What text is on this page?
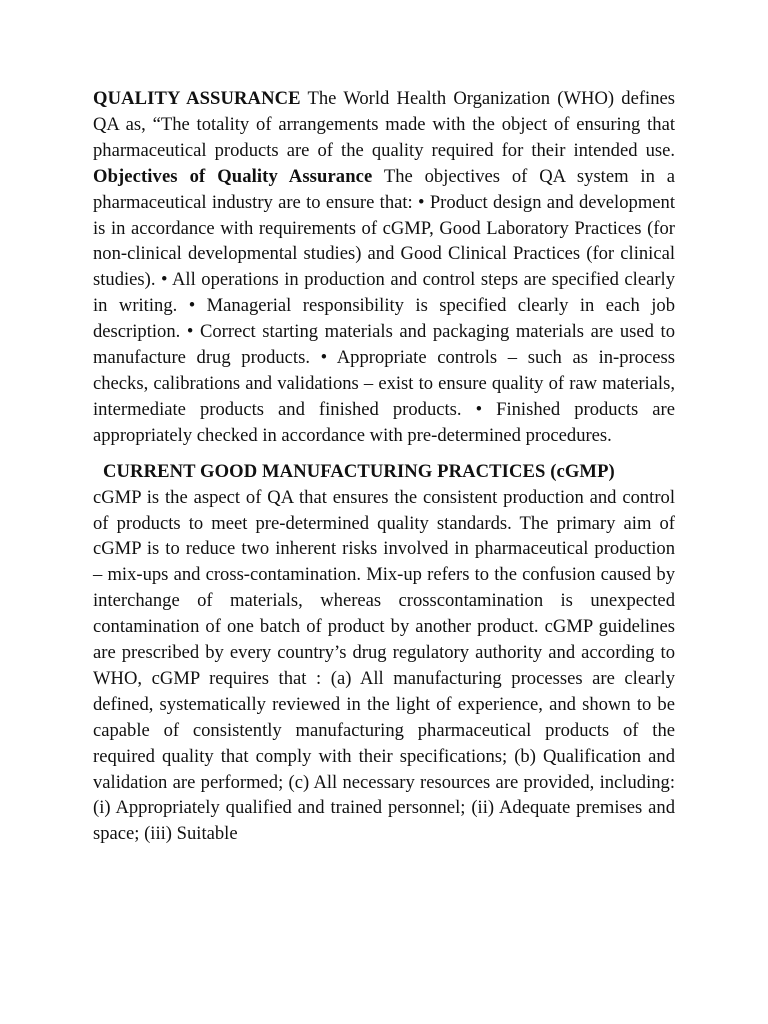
QUALITY ASSURANCE The World Health Organization (WHO) defines QA as, “The totality of arrangements made with the object of ensuring that pharmaceutical products are of the quality required for their intended use. Objectives of Quality Assurance The objectives of QA system in a pharmaceutical industry are to ensure that: • Product design and development is in accordance with requirements of cGMP, Good Laboratory Practices (for non-clinical developmental studies) and Good Clinical Practices (for clinical studies). • All operations in production and control steps are specified clearly in writing. • Managerial responsibility is specified clearly in each job description. • Correct starting materials and packaging materials are used to manufacture drug products. • Appropriate controls – such as in-process checks, calibrations and validations – exist to ensure quality of raw materials, intermediate products and finished products. • Finished products are appropriately checked in accordance with pre-determined procedures.

CURRENT GOOD MANUFACTURING PRACTICES (cGMP)
cGMP is the aspect of QA that ensures the consistent production and control of products to meet pre-determined quality standards. The primary aim of cGMP is to reduce two inherent risks involved in pharmaceutical production – mix-ups and cross-contamination. Mix-up refers to the confusion caused by interchange of materials, whereas crosscontamination is unexpected contamination of one batch of product by another product. cGMP guidelines are prescribed by every country’s drug regulatory authority and according to WHO, cGMP requires that : (a) All manufacturing processes are clearly defined, systematically reviewed in the light of experience, and shown to be capable of consistently manufacturing pharmaceutical products of the required quality that comply with their specifications; (b) Qualification and validation are performed; (c) All necessary resources are provided, including: (i) Appropriately qualified and trained personnel; (ii) Adequate premises and space; (iii) Suitable
